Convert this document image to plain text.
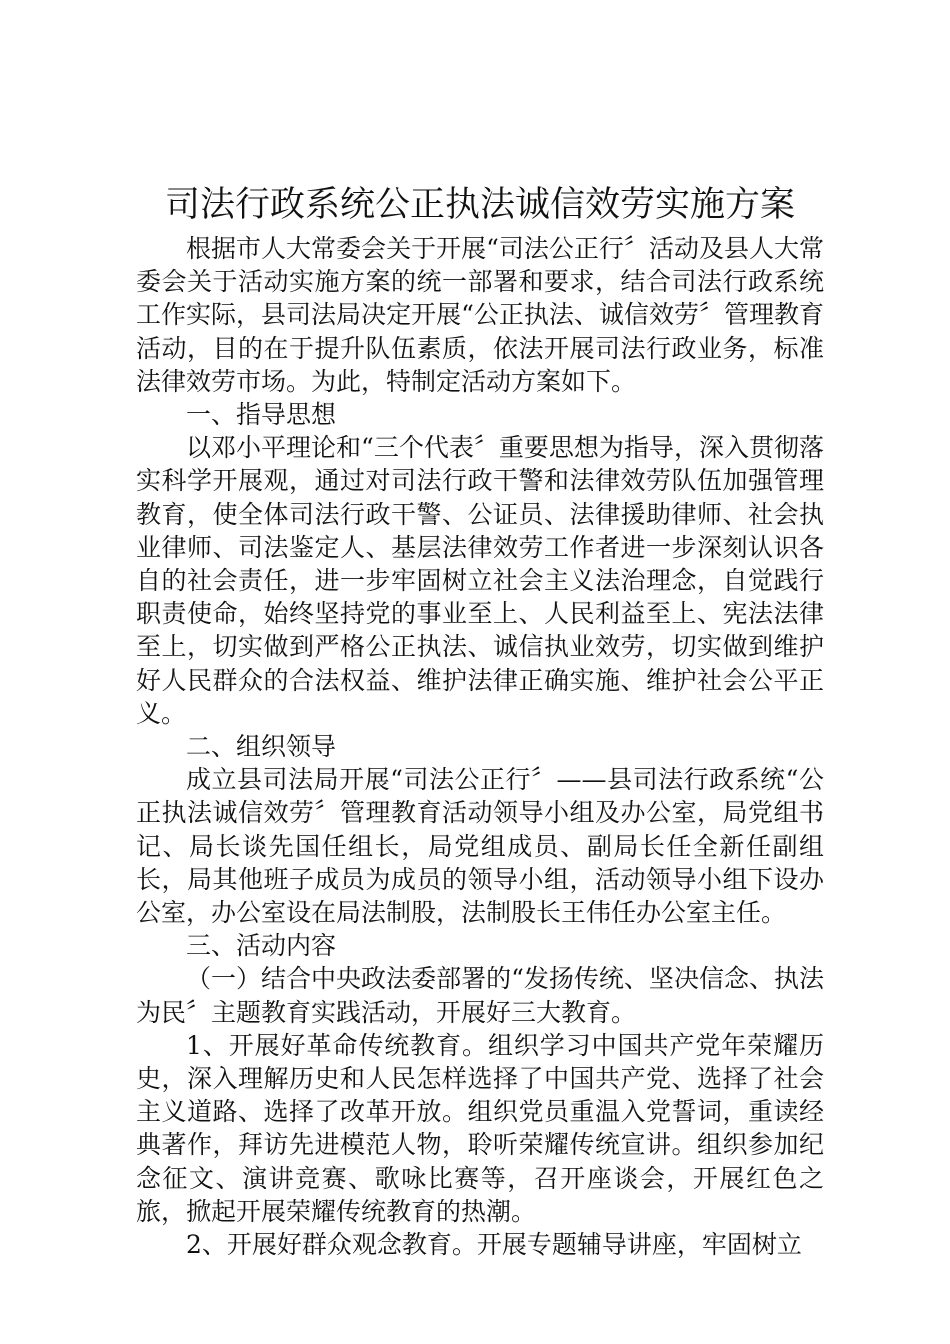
司法行政系统公正执法诚信效劳实施方案

根据市人大常委会关于开展“司法公正行〞活动及县人大常委会关于活动实施方案的统一部署和要求，结合司法行政系统工作实际，县司法局决定开展“公正执法、诚信效劳〞管理教育活动，目的在于提升队伍素质，依法开展司法行政业务，标准法律效劳市场。为此，特制定活动方案如下。

一、指导思想

以邓小平理论和“三个代表〞重要思想为指导，深入贯彻落实科学开展观，通过对司法行政干警和法律效劳队伍加强管理教育，使全体司法行政干警、公证员、法律援助律师、社会执业律师、司法鉴定人、基层法律效劳工作者进一步深刻认识各自的社会责任，进一步牢固树立社会主义法治理念，自觉践行职责使命，始终坚持党的事业至上、人民利益至上、宪法法律至上，切实做到严格公正执法、诚信执业效劳，切实做到维护好人民群众的合法权益、维护法律正确实施、维护社会公平正义。

二、组织领导

成立县司法局开展“司法公正行〞——县司法行政系统“公正执法诚信效劳〞管理教育活动领导小组及办公室，局党组书记、局长谈先国任组长，局党组成员、副局长任全新任副组长，局其他班子成员为成员的领导小组，活动领导小组下设办公室，办公室设在局法制股，法制股长王伟任办公室主任。

三、活动内容

（一）结合中央政法委部署的“发扬传统、坚决信念、执法为民〞主题教育实践活动，开展好三大教育。

1、开展好革命传统教育。组织学习中国共产党年荣耀历史，深入理解历史和人民怎样选择了中国共产党、选择了社会主义道路、选择了改革开放。组织党员重温入党誓词，重读经典著作，拜访先进模范人物，聆听荣耀传统宣讲。组织参加纪念征文、演讲竞赛、歌咏比赛等，召开座谈会，开展红色之旅，掀起开展荣耀传统教育的热潮。

2、开展好群众观念教育。开展专题辅导讲座，牢固树立
